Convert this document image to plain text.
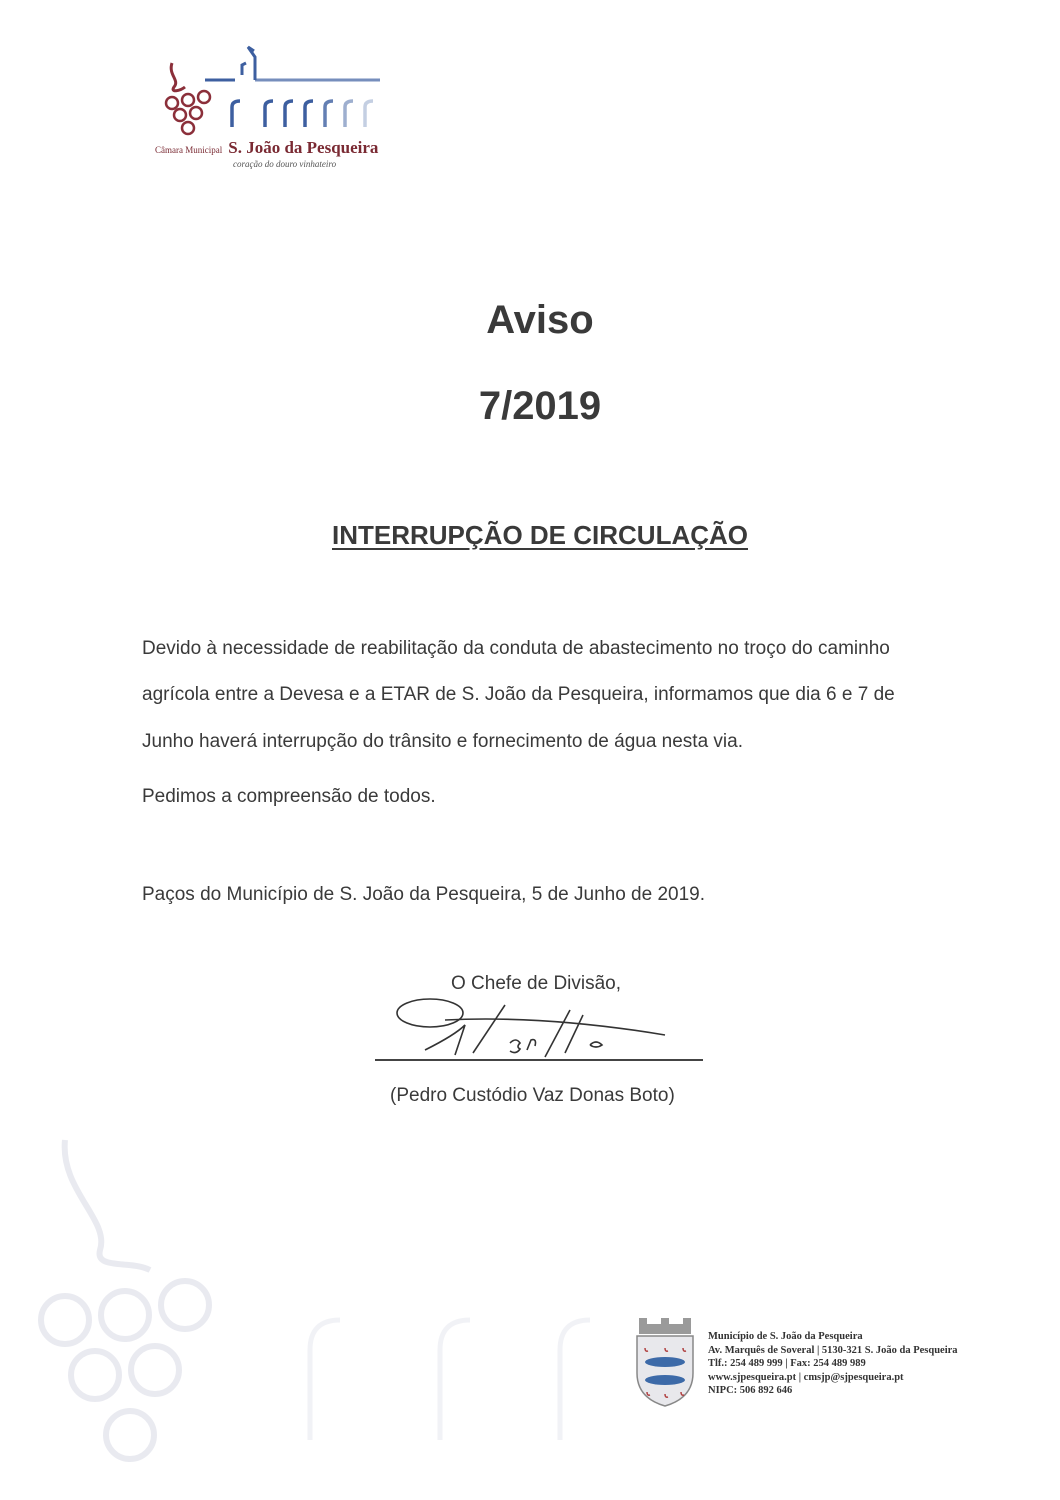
Câmara Municipal S. João da Pesqueira
coração do douro vinhateiro
Aviso
7/2019
INTERRUPÇÃO DE CIRCULAÇÃO
Devido à necessidade de reabilitação da conduta de abastecimento no troço do caminho
agrícola entre a Devesa e a ETAR de S. João da Pesqueira, informamos que dia 6 e 7 de
Junho haverá interrupção do trânsito e fornecimento de água nesta via.
Pedimos a compreensão de todos.
Paços do Município de S. João da Pesqueira, 5 de Junho de 2019.
O Chefe de Divisão,
(Pedro Custódio Vaz Donas Boto)
Município de S. João da Pesqueira
Av. Marquês de Soveral | 5130-321 S. João da Pesqueira
Tlf.: 254 489 999 | Fax: 254 489 989
www.sjpesqueira.pt | cmsjp@sjpesqueira.pt
NIPC: 506 892 646
